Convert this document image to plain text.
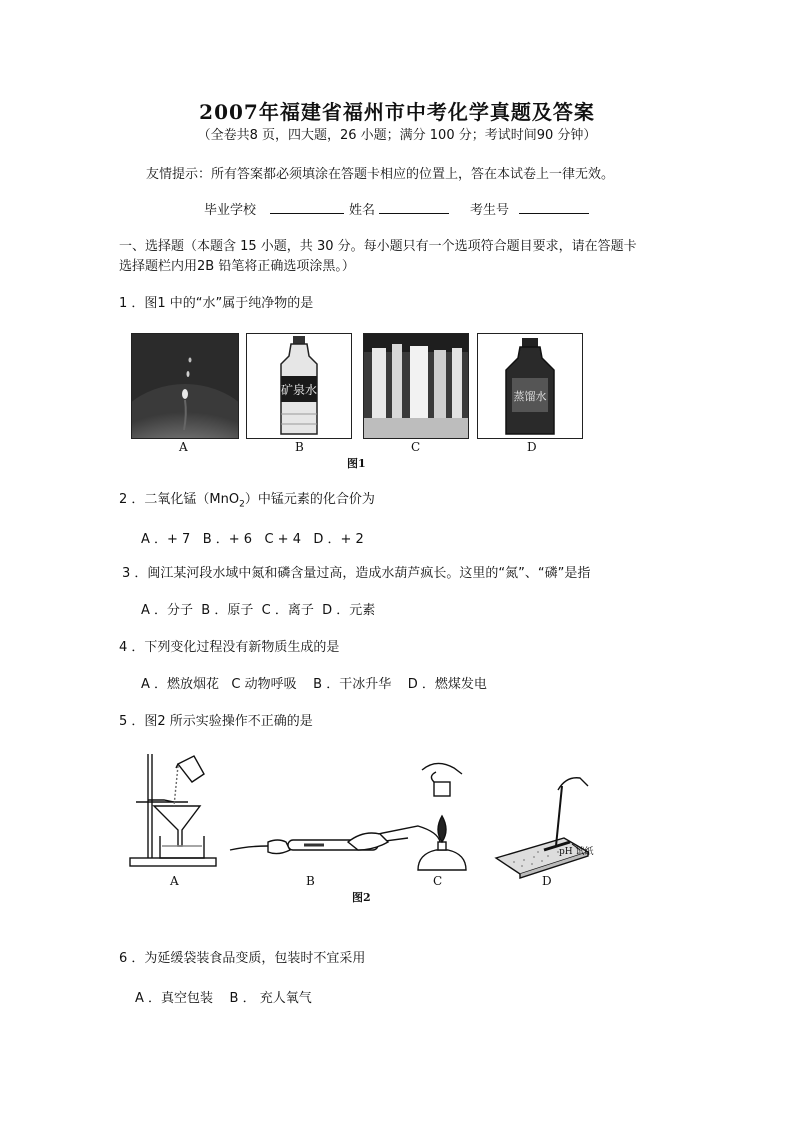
2007年福建省福州市中考化学真题及答案
（全卷共8 页，四大题，26 小题；满分 100 分；考试时间90 分钟）
友情提示：所有答案都必须填涂在答题卡相应的位置上，答在本试卷上一律无效。
毕业学校	姓名	考生号
一、选择题（本题含 15 小题，共 30 分。每小题只有一个选项符合题目要求，请在答题卡
选择题栏内用2B 铅笔将正确选项涂黑。）
1 ．图1 中的“水”属于纯净物的是
矿泉水	蒸馏水
A	B	C	D
图1
2 ．二氧化锰（MnO$_2$）中锰元素的化合价为
A ．+ 7   B ．+ 6   C + 4   D ．+ 2
3 ．闽江某河段水域中氮和磷含量过高，造成水葫芦疯长。这里的“氮”、“磷”是指
A ．分子  B ．原子  C ．离子  D ．元素
4 ．下列变化过程没有新物质生成的是
A ．燃放烟花   C 动物呼吸    B ．干冰升华    D ．燃煤发电
5 ．图2 所示实验操作不正确的是
pH 试纸
A	B	C	D
图2
6 ．为延缓袋装食品变质，包装时不宜采用
A ．真空包装    B ． 充人氧气
